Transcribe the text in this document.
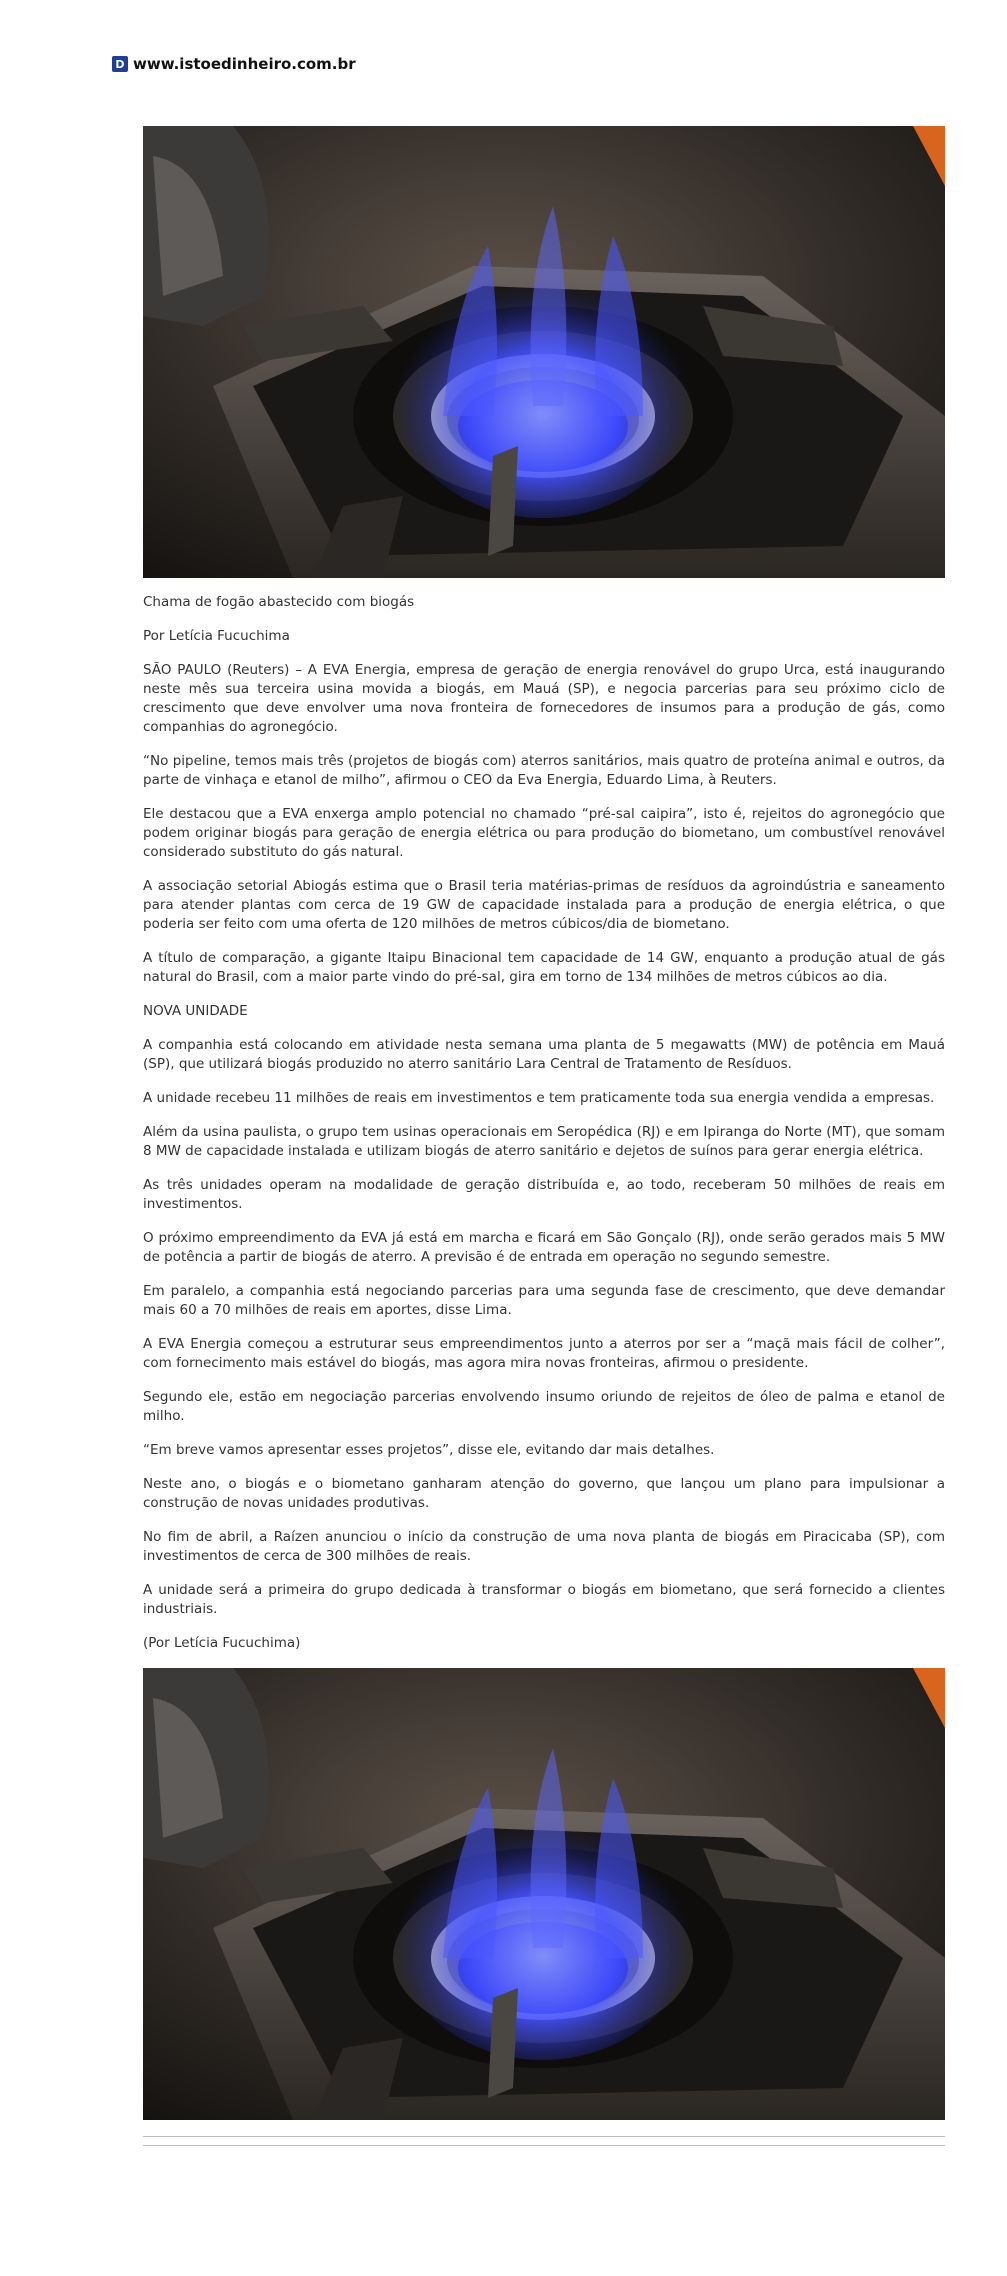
D www.istoedinheiro.com.br

Chama de fogão abastecido com biogás

Por Letícia Fucuchima

SÃO PAULO (Reuters) – A EVA Energia, empresa de geração de energia renovável do grupo Urca, está inaugurando neste mês sua terceira usina movida a biogás, em Mauá (SP), e negocia parcerias para seu próximo ciclo de crescimento que deve envolver uma nova fronteira de fornecedores de insumos para a produção de gás, como companhias do agronegócio.

“No pipeline, temos mais três (projetos de biogás com) aterros sanitários, mais quatro de proteína animal e outros, da parte de vinhaça e etanol de milho”, afirmou o CEO da Eva Energia, Eduardo Lima, à Reuters.

Ele destacou que a EVA enxerga amplo potencial no chamado “pré-sal caipira”, isto é, rejeitos do agronegócio que podem originar biogás para geração de energia elétrica ou para produção do biometano, um combustível renovável considerado substituto do gás natural.

A associação setorial Abiogás estima que o Brasil teria matérias-primas de resíduos da agroindústria e saneamento para atender plantas com cerca de 19 GW de capacidade instalada para a produção de energia elétrica, o que poderia ser feito com uma oferta de 120 milhões de metros cúbicos/dia de biometano.

A título de comparação, a gigante Itaipu Binacional tem capacidade de 14 GW, enquanto a produção atual de gás natural do Brasil, com a maior parte vindo do pré-sal, gira em torno de 134 milhões de metros cúbicos ao dia.

NOVA UNIDADE

A companhia está colocando em atividade nesta semana uma planta de 5 megawatts (MW) de potência em Mauá (SP), que utilizará biogás produzido no aterro sanitário Lara Central de Tratamento de Resíduos.

A unidade recebeu 11 milhões de reais em investimentos e tem praticamente toda sua energia vendida a empresas.

Além da usina paulista, o grupo tem usinas operacionais em Seropédica (RJ) e em Ipiranga do Norte (MT), que somam 8 MW de capacidade instalada e utilizam biogás de aterro sanitário e dejetos de suínos para gerar energia elétrica.

As três unidades operam na modalidade de geração distribuída e, ao todo, receberam 50 milhões de reais em investimentos.

O próximo empreendimento da EVA já está em marcha e ficará em São Gonçalo (RJ), onde serão gerados mais 5 MW de potência a partir de biogás de aterro. A previsão é de entrada em operação no segundo semestre.

Em paralelo, a companhia está negociando parcerias para uma segunda fase de crescimento, que deve demandar mais 60 a 70 milhões de reais em aportes, disse Lima.

A EVA Energia começou a estruturar seus empreendimentos junto a aterros por ser a “maçã mais fácil de colher”, com fornecimento mais estável do biogás, mas agora mira novas fronteiras, afirmou o presidente.

Segundo ele, estão em negociação parcerias envolvendo insumo oriundo de rejeitos de óleo de palma e etanol de milho.

“Em breve vamos apresentar esses projetos”, disse ele, evitando dar mais detalhes.

Neste ano, o biogás e o biometano ganharam atenção do governo, que lançou um plano para impulsionar a construção de novas unidades produtivas.

No fim de abril, a Raízen anunciou o início da construção de uma nova planta de biogás em Piracicaba (SP), com investimentos de cerca de 300 milhões de reais.

A unidade será a primeira do grupo dedicada à transformar o biogás em biometano, que será fornecido a clientes industriais.

(Por Letícia Fucuchima)
